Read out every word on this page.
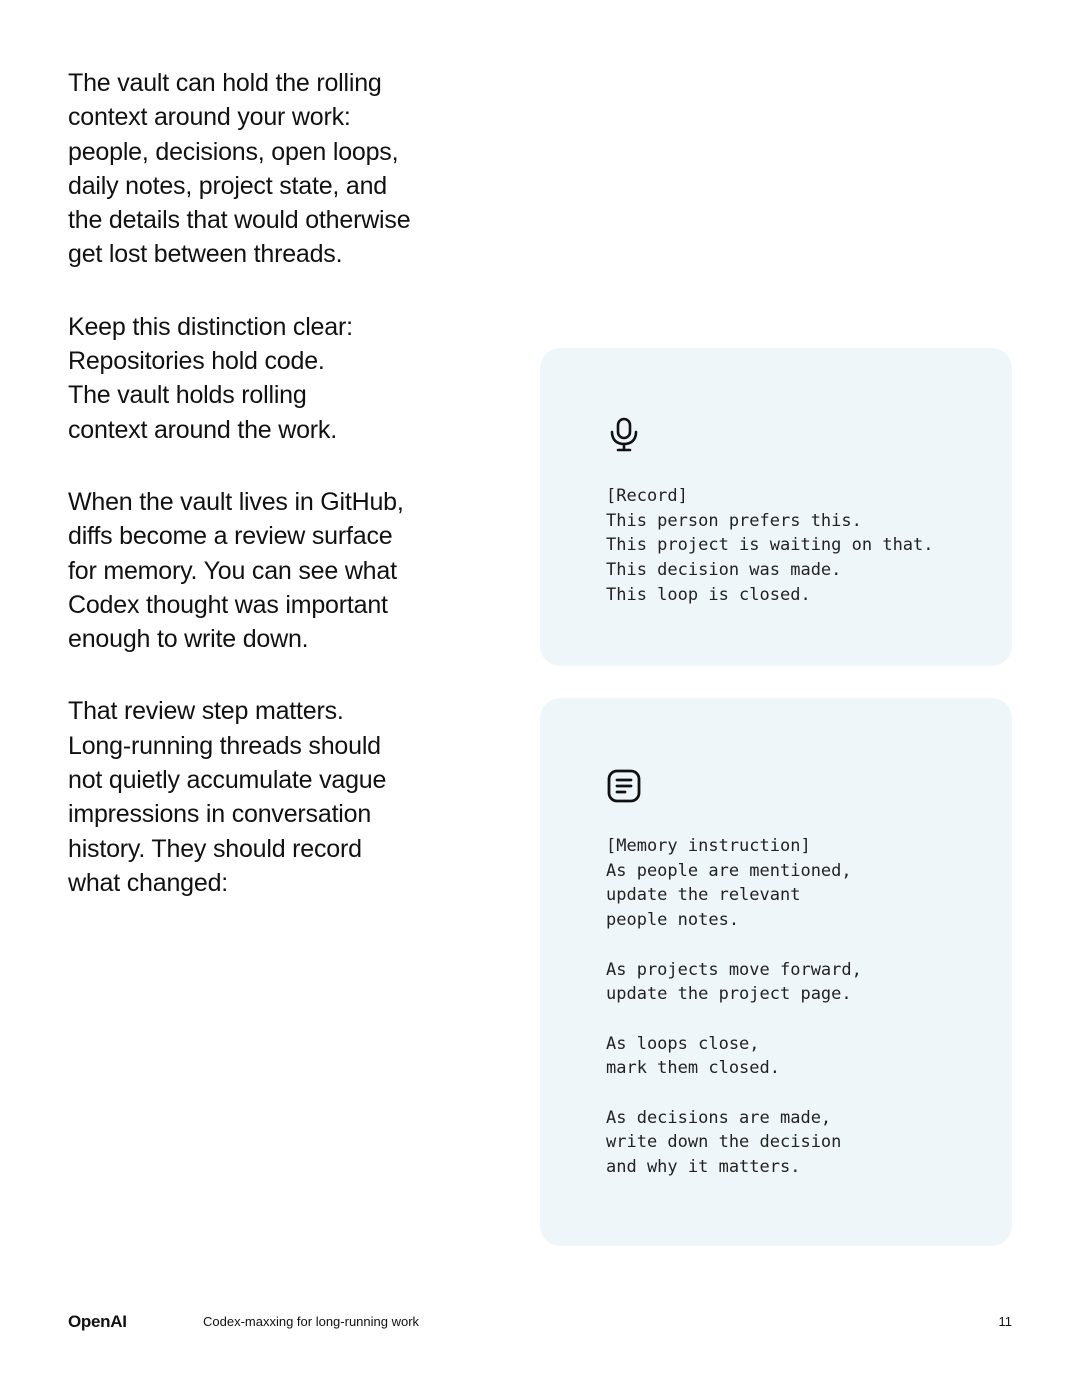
The vault can hold the rolling
context around your work:
people, decisions, open loops,
daily notes, project state, and
the details that would otherwise
get lost between threads.

Keep this distinction clear:
Repositories hold code.
The vault holds rolling
context around the work.

When the vault lives in GitHub,
diffs become a review surface
for memory. You can see what
Codex thought was important
enough to write down.

That review step matters.
Long-running threads should
not quietly accumulate vague
impressions in conversation
history. They should record
what changed:

[Record]
This person prefers this.
This project is waiting on that.
This decision was made.
This loop is closed.
[Memory instruction]
As people are mentioned,
update the relevant
people notes.

As projects move forward,
update the project page.

As loops close,
mark them closed.

As decisions are made,
write down the decision
and why it matters.
OpenAI	Codex-maxxing for long-running work	11
